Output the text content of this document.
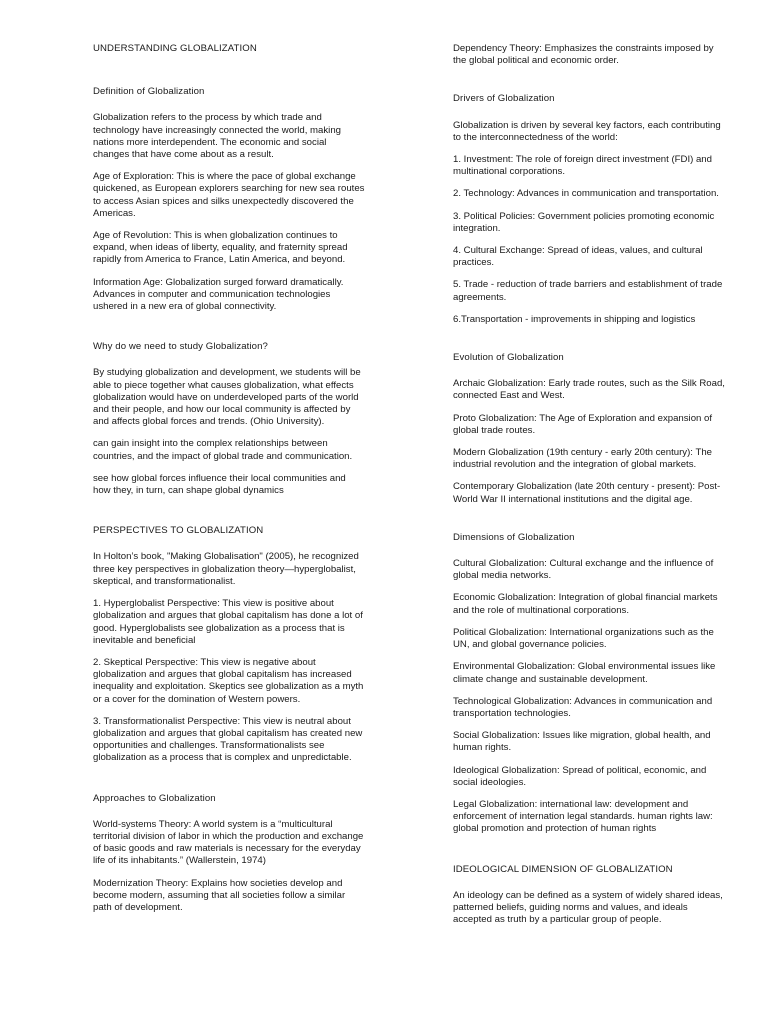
UNDERSTANDING GLOBALIZATION

Definition of Globalization

Globalization refers to the process by which trade and technology have increasingly connected the world, making nations more interdependent. The economic and social changes that have come about as a result.

Age of Exploration: This is where the pace of global exchange quickened, as European explorers searching for new sea routes to access Asian spices and silks unexpectedly discovered the Americas.

Age of Revolution: This is when globalization continues to expand, when ideas of liberty, equality, and fraternity spread rapidly from America to France, Latin America, and beyond.

Information Age: Globalization surged forward dramatically. Advances in computer and communication technologies ushered in a new era of global connectivity.

Why do we need to study Globalization?

By studying globalization and development, we students will be able to piece together what causes globalization, what effects globalization would have on underdeveloped parts of the world and their people, and how our local community is affected by and affects global forces and trends. (Ohio University).

can gain insight into the complex relationships between countries, and the impact of global trade and communication.

see how global forces influence their local communities and how they, in turn, can shape global dynamics

PERSPECTIVES TO GLOBALIZATION

In Holton’s book, "Making Globalisation" (2005), he recognized three key perspectives in globalization theory—hyperglobalist, skeptical, and transformationalist.

1. Hyperglobalist Perspective: This view is positive about globalization and argues that global capitalism has done a lot of good. Hyperglobalists see globalization as a process that is inevitable and beneficial

2. Skeptical Perspective: This view is negative about globalization and argues that global capitalism has increased inequality and exploitation. Skeptics see globalization as a myth or a cover for the domination of Western powers.

3. Transformationalist Perspective: This view is neutral about globalization and argues that global capitalism has created new opportunities and challenges. Transformationalists see globalization as a process that is complex and unpredictable.

Approaches to Globalization

World-systems Theory: A world system is a “multicultural territorial division of labor in which the production and exchange of basic goods and raw materials is necessary for the everyday life of its inhabitants.” (Wallerstein, 1974)

Modernization Theory: Explains how societies develop and become modern, assuming that all societies follow a similar path of development.

Dependency Theory: Emphasizes the constraints imposed by the global political and economic order.

Drivers of Globalization

Globalization is driven by several key factors, each contributing to the interconnectedness of the world:

1. Investment: The role of foreign direct investment (FDI) and multinational corporations.

2. Technology: Advances in communication and transportation.

3. Political Policies: Government policies promoting economic integration.

4. Cultural Exchange: Spread of ideas, values, and cultural practices.

5. Trade - reduction of trade barriers and establishment of trade agreements.

6.Transportation - improvements in shipping and logistics

Evolution of Globalization

Archaic Globalization: Early trade routes, such as the Silk Road, connected East and West.

Proto Globalization: The Age of Exploration and expansion of global trade routes.

Modern Globalization (19th century - early 20th century): The industrial revolution and the integration of global markets.

Contemporary Globalization (late 20th century - present): Post-World War II international institutions and the digital age.

Dimensions of Globalization

Cultural Globalization: Cultural exchange and the influence of global media networks.

Economic Globalization: Integration of global financial markets and the role of multinational corporations.

Political Globalization: International organizations such as the UN, and global governance policies.

Environmental Globalization: Global environmental issues like climate change and sustainable development.

Technological Globalization: Advances in communication and transportation technologies.

Social Globalization: Issues like migration, global health, and human rights.

Ideological Globalization: Spread of political, economic, and social ideologies.

Legal Globalization: international law: development and enforcement of internation legal standards. human rights law: global promotion and protection of human rights

IDEOLOGICAL DIMENSION OF GLOBALIZATION

An ideology can be defined as a system of widely shared ideas, patterned beliefs, guiding norms and values, and ideals accepted as truth by a particular group of people.
